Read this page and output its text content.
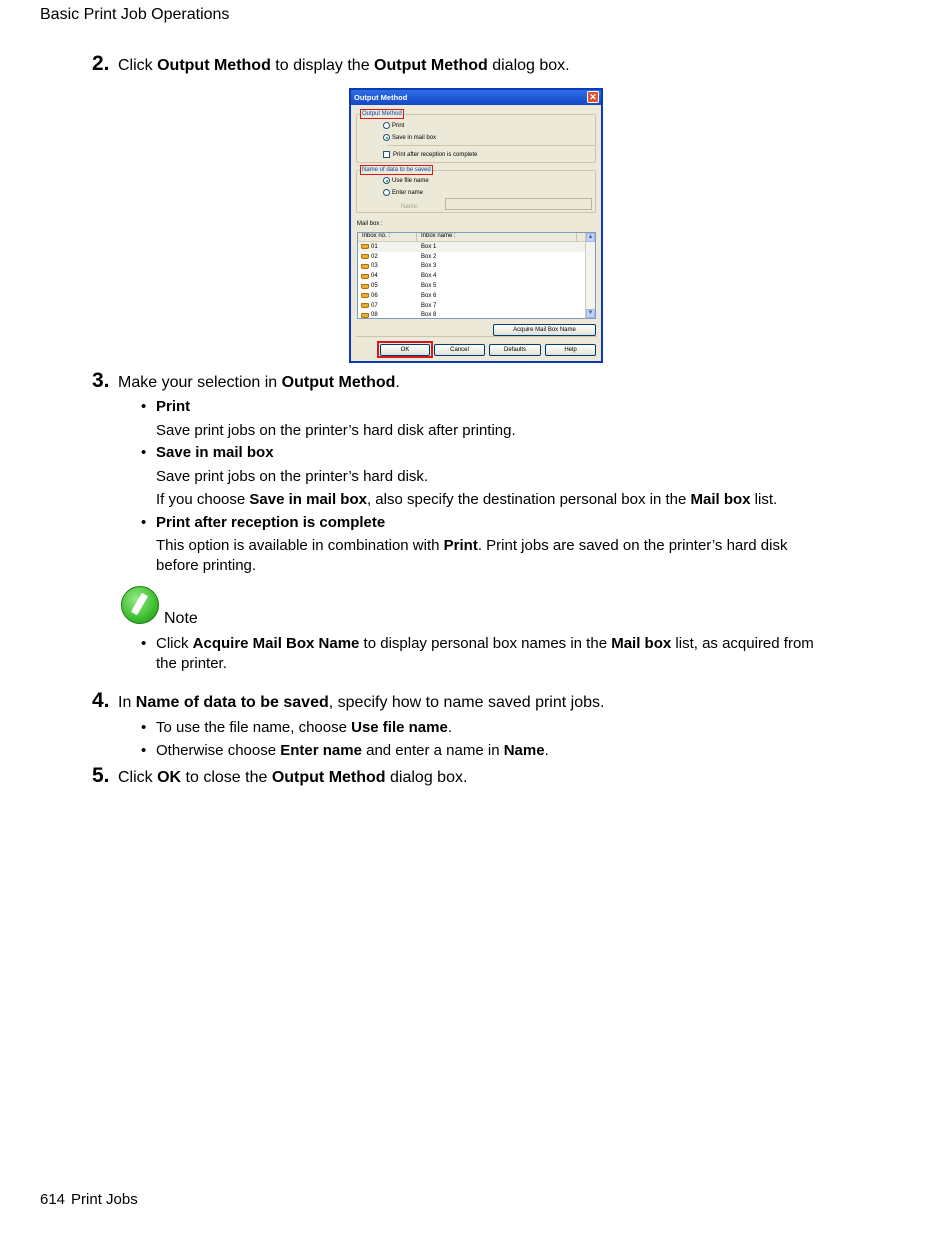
Basic Print Job Operations
2. Click Output Method to display the Output Method dialog box.
Output Method	✕
Output Method
Print
Save in mail box
Print after reception is complete
Name of data to be saved
Use file name
Enter name
Name:
Mail box :
Inbox no. :	Inbox name :
01	Box 1
02	Box 2
03	Box 3
04	Box 4
05	Box 5
06	Box 6
07	Box 7
08	Box 8
▲
▼
Acquire Mail Box Name
OK	Cancel	Defaults	Help
3. Make your selection in Output Method.
• Print
Save print jobs on the printer’s hard disk after printing.
• Save in mail box
Save print jobs on the printer’s hard disk.
If you choose Save in mail box, also specify the destination personal box in the Mail box list.
• Print after reception is complete
This option is available in combination with Print. Print jobs are saved on the printer’s hard disk before printing.
Note
• Click Acquire Mail Box Name to display personal box names in the Mail box list, as acquired from the printer.
4. In Name of data to be saved, specify how to name saved print jobs.
• To use the file name, choose Use file name.
• Otherwise choose Enter name and enter a name in Name.
5. Click OK to close the Output Method dialog box.
614 Print Jobs
